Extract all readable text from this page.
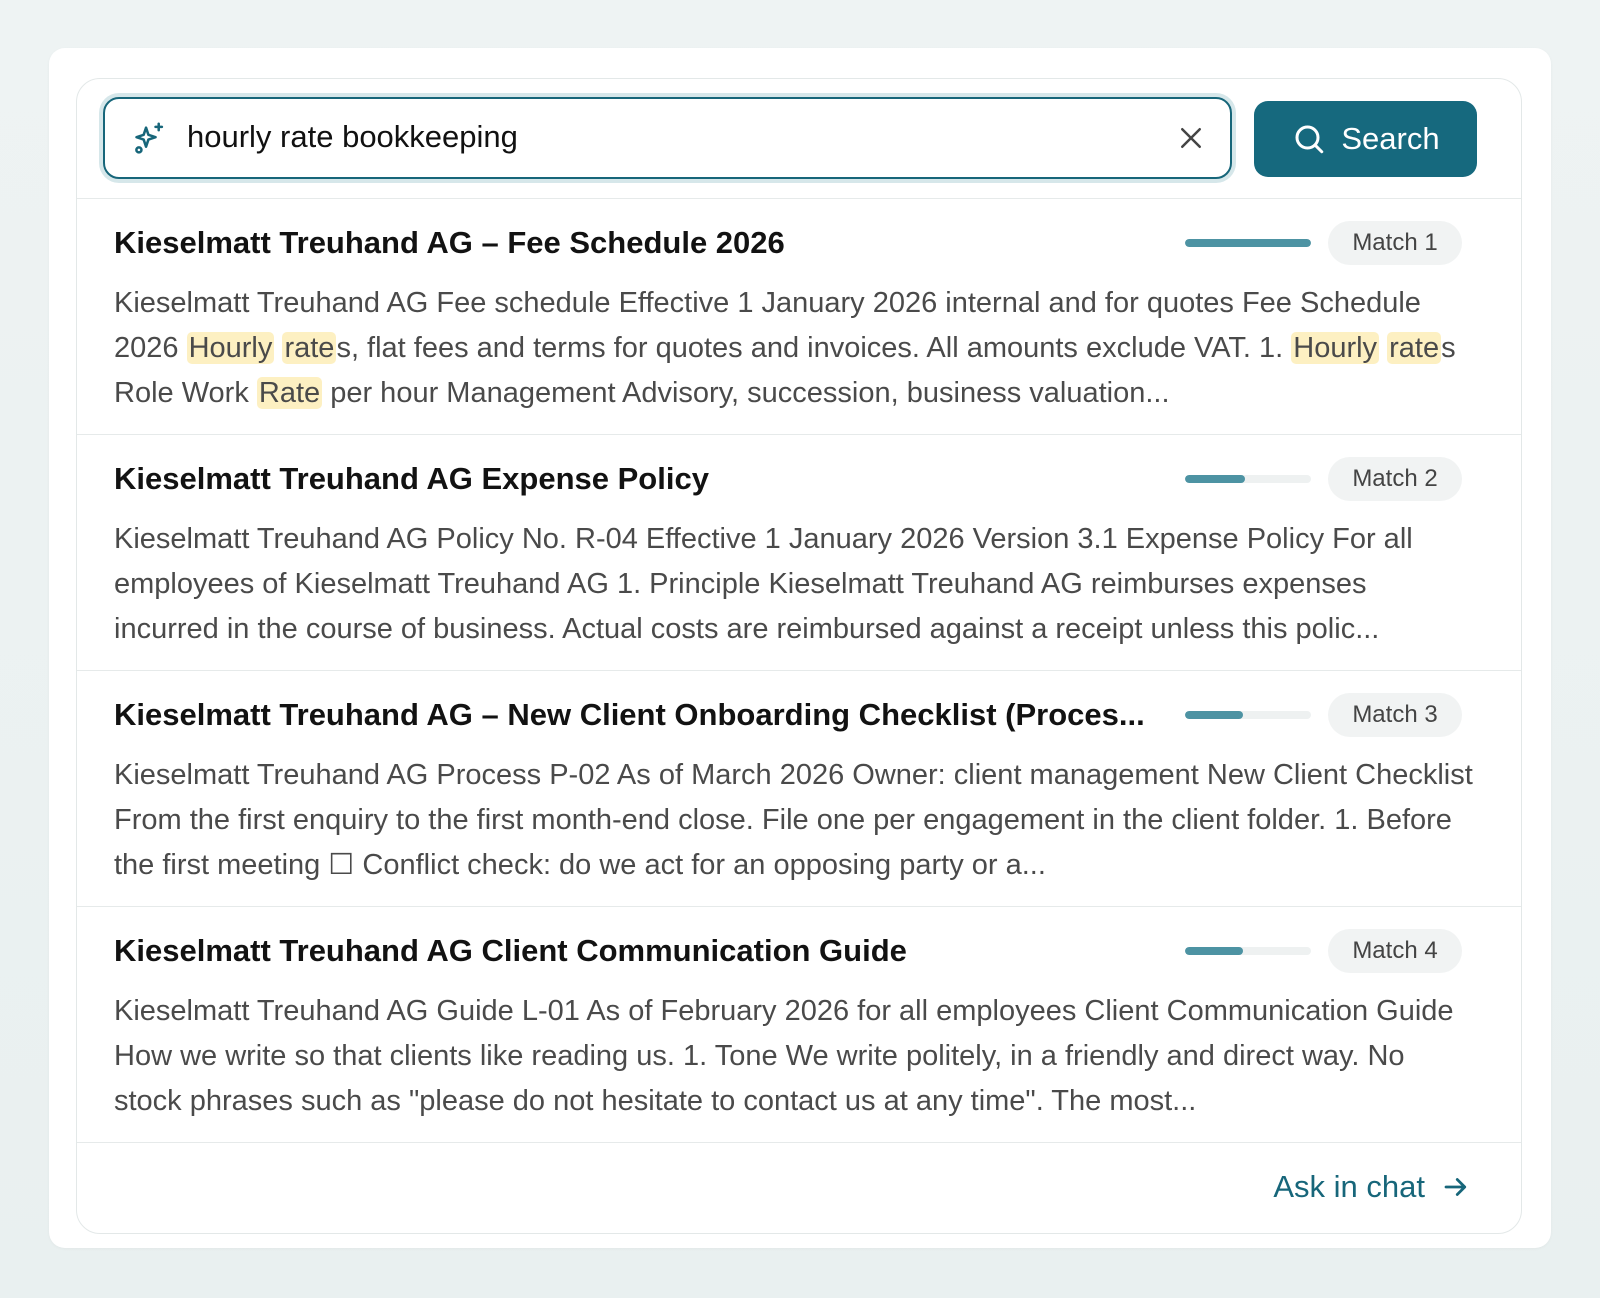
hourly rate bookkeeping
Search
Kieselmatt Treuhand AG – Fee Schedule 2026	Match 1
Kieselmatt Treuhand AG Fee schedule Effective 1 January 2026 internal and for quotes Fee Schedule 2026 Hourly rates, flat fees and terms for quotes and invoices. All amounts exclude VAT. 1. Hourly rates Role Work Rate per hour Management Advisory, succession, business valuation...
Kieselmatt Treuhand AG Expense Policy	Match 2
Kieselmatt Treuhand AG Policy No. R-04 Effective 1 January 2026 Version 3.1 Expense Policy For all employees of Kieselmatt Treuhand AG 1. Principle Kieselmatt Treuhand AG reimburses expenses incurred in the course of business. Actual costs are reimbursed against a receipt unless this polic...
Kieselmatt Treuhand AG – New Client Onboarding Checklist (Proces...	Match 3
Kieselmatt Treuhand AG Process P-02 As of March 2026 Owner: client management New Client Checklist From the first enquiry to the first month-end close. File one per engagement in the client folder. 1. Before the first meeting ☐ Conflict check: do we act for an opposing party or a...
Kieselmatt Treuhand AG Client Communication Guide	Match 4
Kieselmatt Treuhand AG Guide L-01 As of February 2026 for all employees Client Communication Guide How we write so that clients like reading us. 1. Tone We write politely, in a friendly and direct way. No stock phrases such as "please do not hesitate to contact us at any time". The most...
Ask in chat
